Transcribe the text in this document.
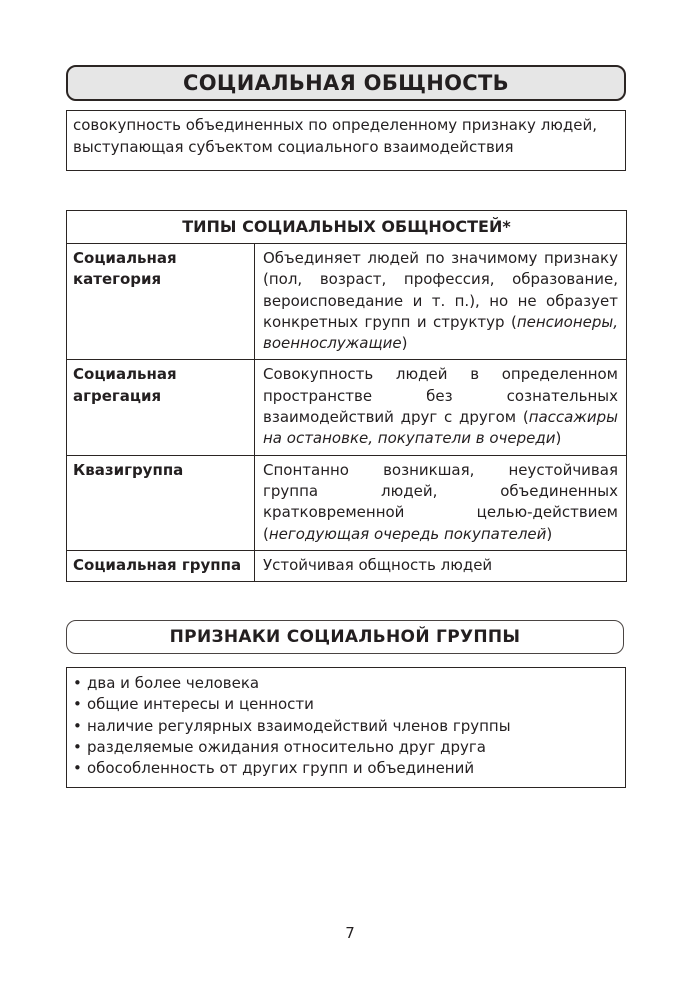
СОЦИАЛЬНАЯ ОБЩНОСТЬ
совокупность объединенных по определенному признаку людей,
выступающая субъектом социального взаимодействия
ТИПЫ СОЦИАЛЬНЫХ ОБЩНОСТЕЙ*	
Социальная категория	Объединяет людей по значимому признаку (пол, возраст, профессия, образование, вероисповедание и т. п.), но не образует конкретных групп и структур (пенсионеры, военнослужащие)
Социальная агрегация	Совокупность людей в определенном пространстве без сознательных взаимодействий друг с другом (пассажиры на остановке, покупатели в очереди)
Квазигруппа	Спонтанно возникшая, неустойчивая группа людей, объединенных кратковременной целью-действием (негодующая очередь покупателей)
Социальная группа	Устойчивая общность людей
ПРИЗНАКИ СОЦИАЛЬНОЙ ГРУППЫ
• два и более человека
• общие интересы и ценности
• наличие регулярных взаимодействий членов группы
• разделяемые ожидания относительно друг друга
• обособленность от других групп и объединений
7
